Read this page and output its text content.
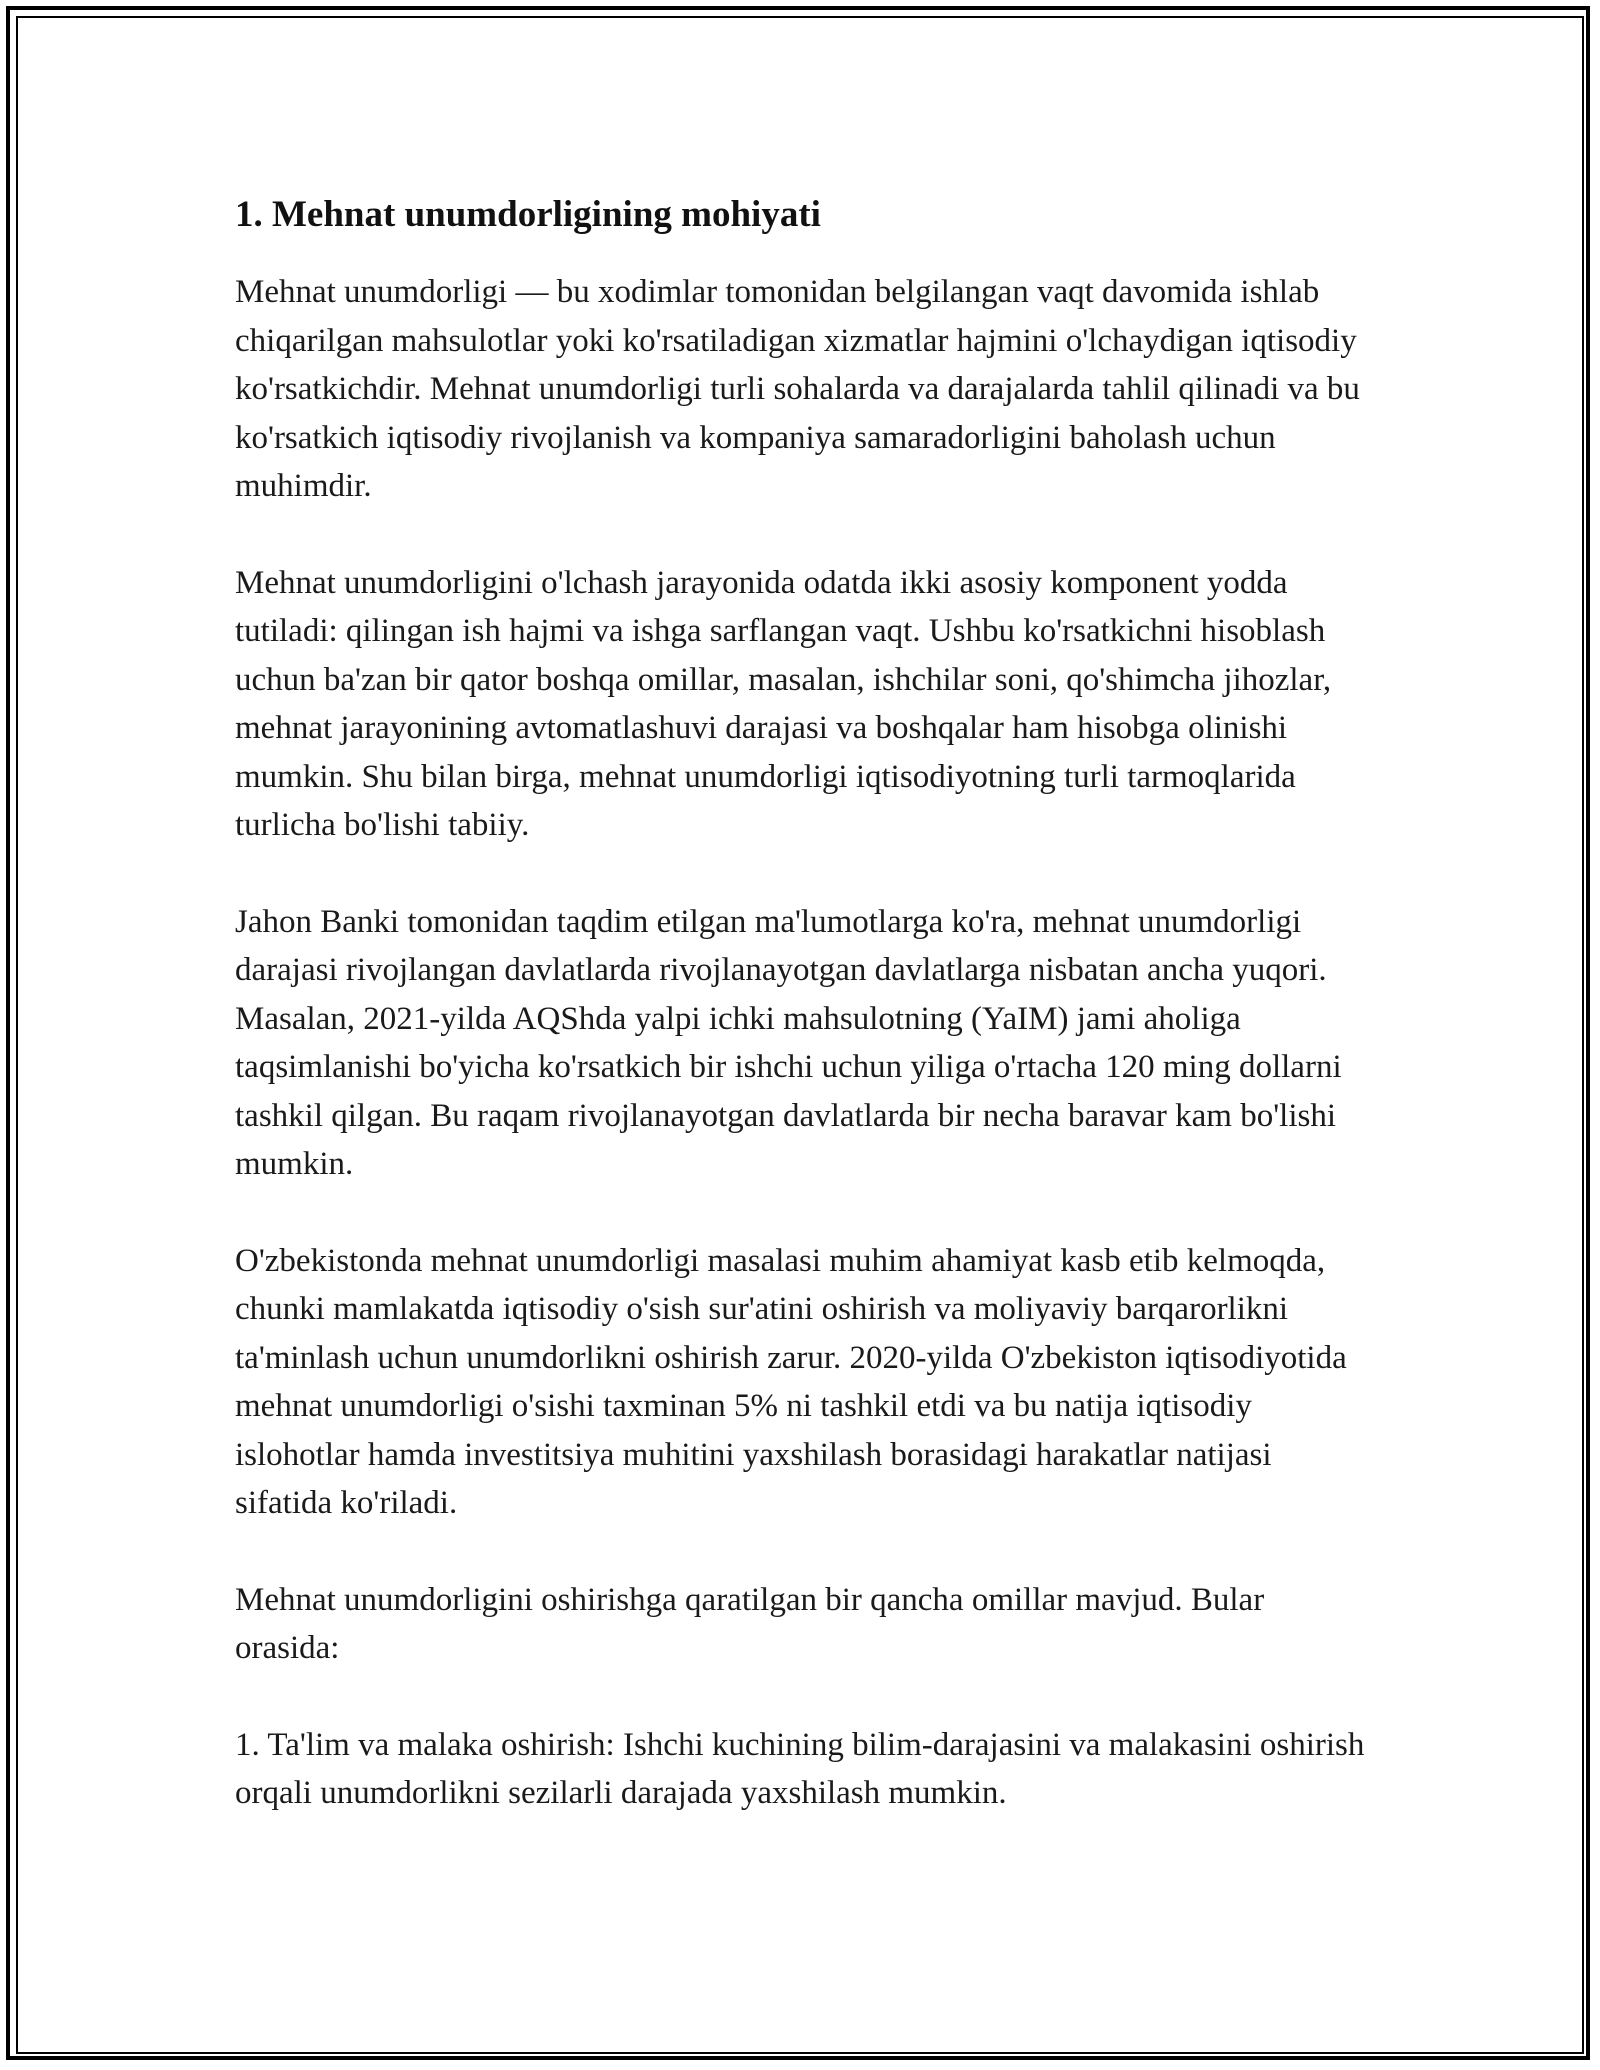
1. Mehnat unumdorligining mohiyati

Mehnat unumdorligi — bu xodimlar tomonidan belgilangan vaqt davomida ishlab chiqarilgan mahsulotlar yoki ko'rsatiladigan xizmatlar hajmini o'lchaydigan iqtisodiy ko'rsatkichdir. Mehnat unumdorligi turli sohalarda va darajalarda tahlil qilinadi va bu ko'rsatkich iqtisodiy rivojlanish va kompaniya samaradorligini baholash uchun muhimdir.

Mehnat unumdorligini o'lchash jarayonida odatda ikki asosiy komponent yodda tutiladi: qilingan ish hajmi va ishga sarflangan vaqt. Ushbu ko'rsatkichni hisoblash uchun ba'zan bir qator boshqa omillar, masalan, ishchilar soni, qo'shimcha jihozlar, mehnat jarayonining avtomatlashuvi darajasi va boshqalar ham hisobga olinishi mumkin. Shu bilan birga, mehnat unumdorligi iqtisodiyotning turli tarmoqlarida turlicha bo'lishi tabiiy.

Jahon Banki tomonidan taqdim etilgan ma'lumotlarga ko'ra, mehnat unumdorligi darajasi rivojlangan davlatlarda rivojlanayotgan davlatlarga nisbatan ancha yuqori. Masalan, 2021-yilda AQShda yalpi ichki mahsulotning (YaIM) jami aholiga taqsimlanishi bo'yicha ko'rsatkich bir ishchi uchun yiliga o'rtacha 120 ming dollarni tashkil qilgan. Bu raqam rivojlanayotgan davlatlarda bir necha baravar kam bo'lishi mumkin.

O'zbekistonda mehnat unumdorligi masalasi muhim ahamiyat kasb etib kelmoqda, chunki mamlakatda iqtisodiy o'sish sur'atini oshirish va moliyaviy barqarorlikni ta'minlash uchun unumdorlikni oshirish zarur. 2020-yilda O'zbekiston iqtisodiyotida mehnat unumdorligi o'sishi taxminan 5% ni tashkil etdi va bu natija iqtisodiy islohotlar hamda investitsiya muhitini yaxshilash borasidagi harakatlar natijasi sifatida ko'riladi.

Mehnat unumdorligini oshirishga qaratilgan bir qancha omillar mavjud. Bular orasida:

1. Ta'lim va malaka oshirish: Ishchi kuchining bilim-darajasini va malakasini oshirish orqali unumdorlikni sezilarli darajada yaxshilash mumkin.
